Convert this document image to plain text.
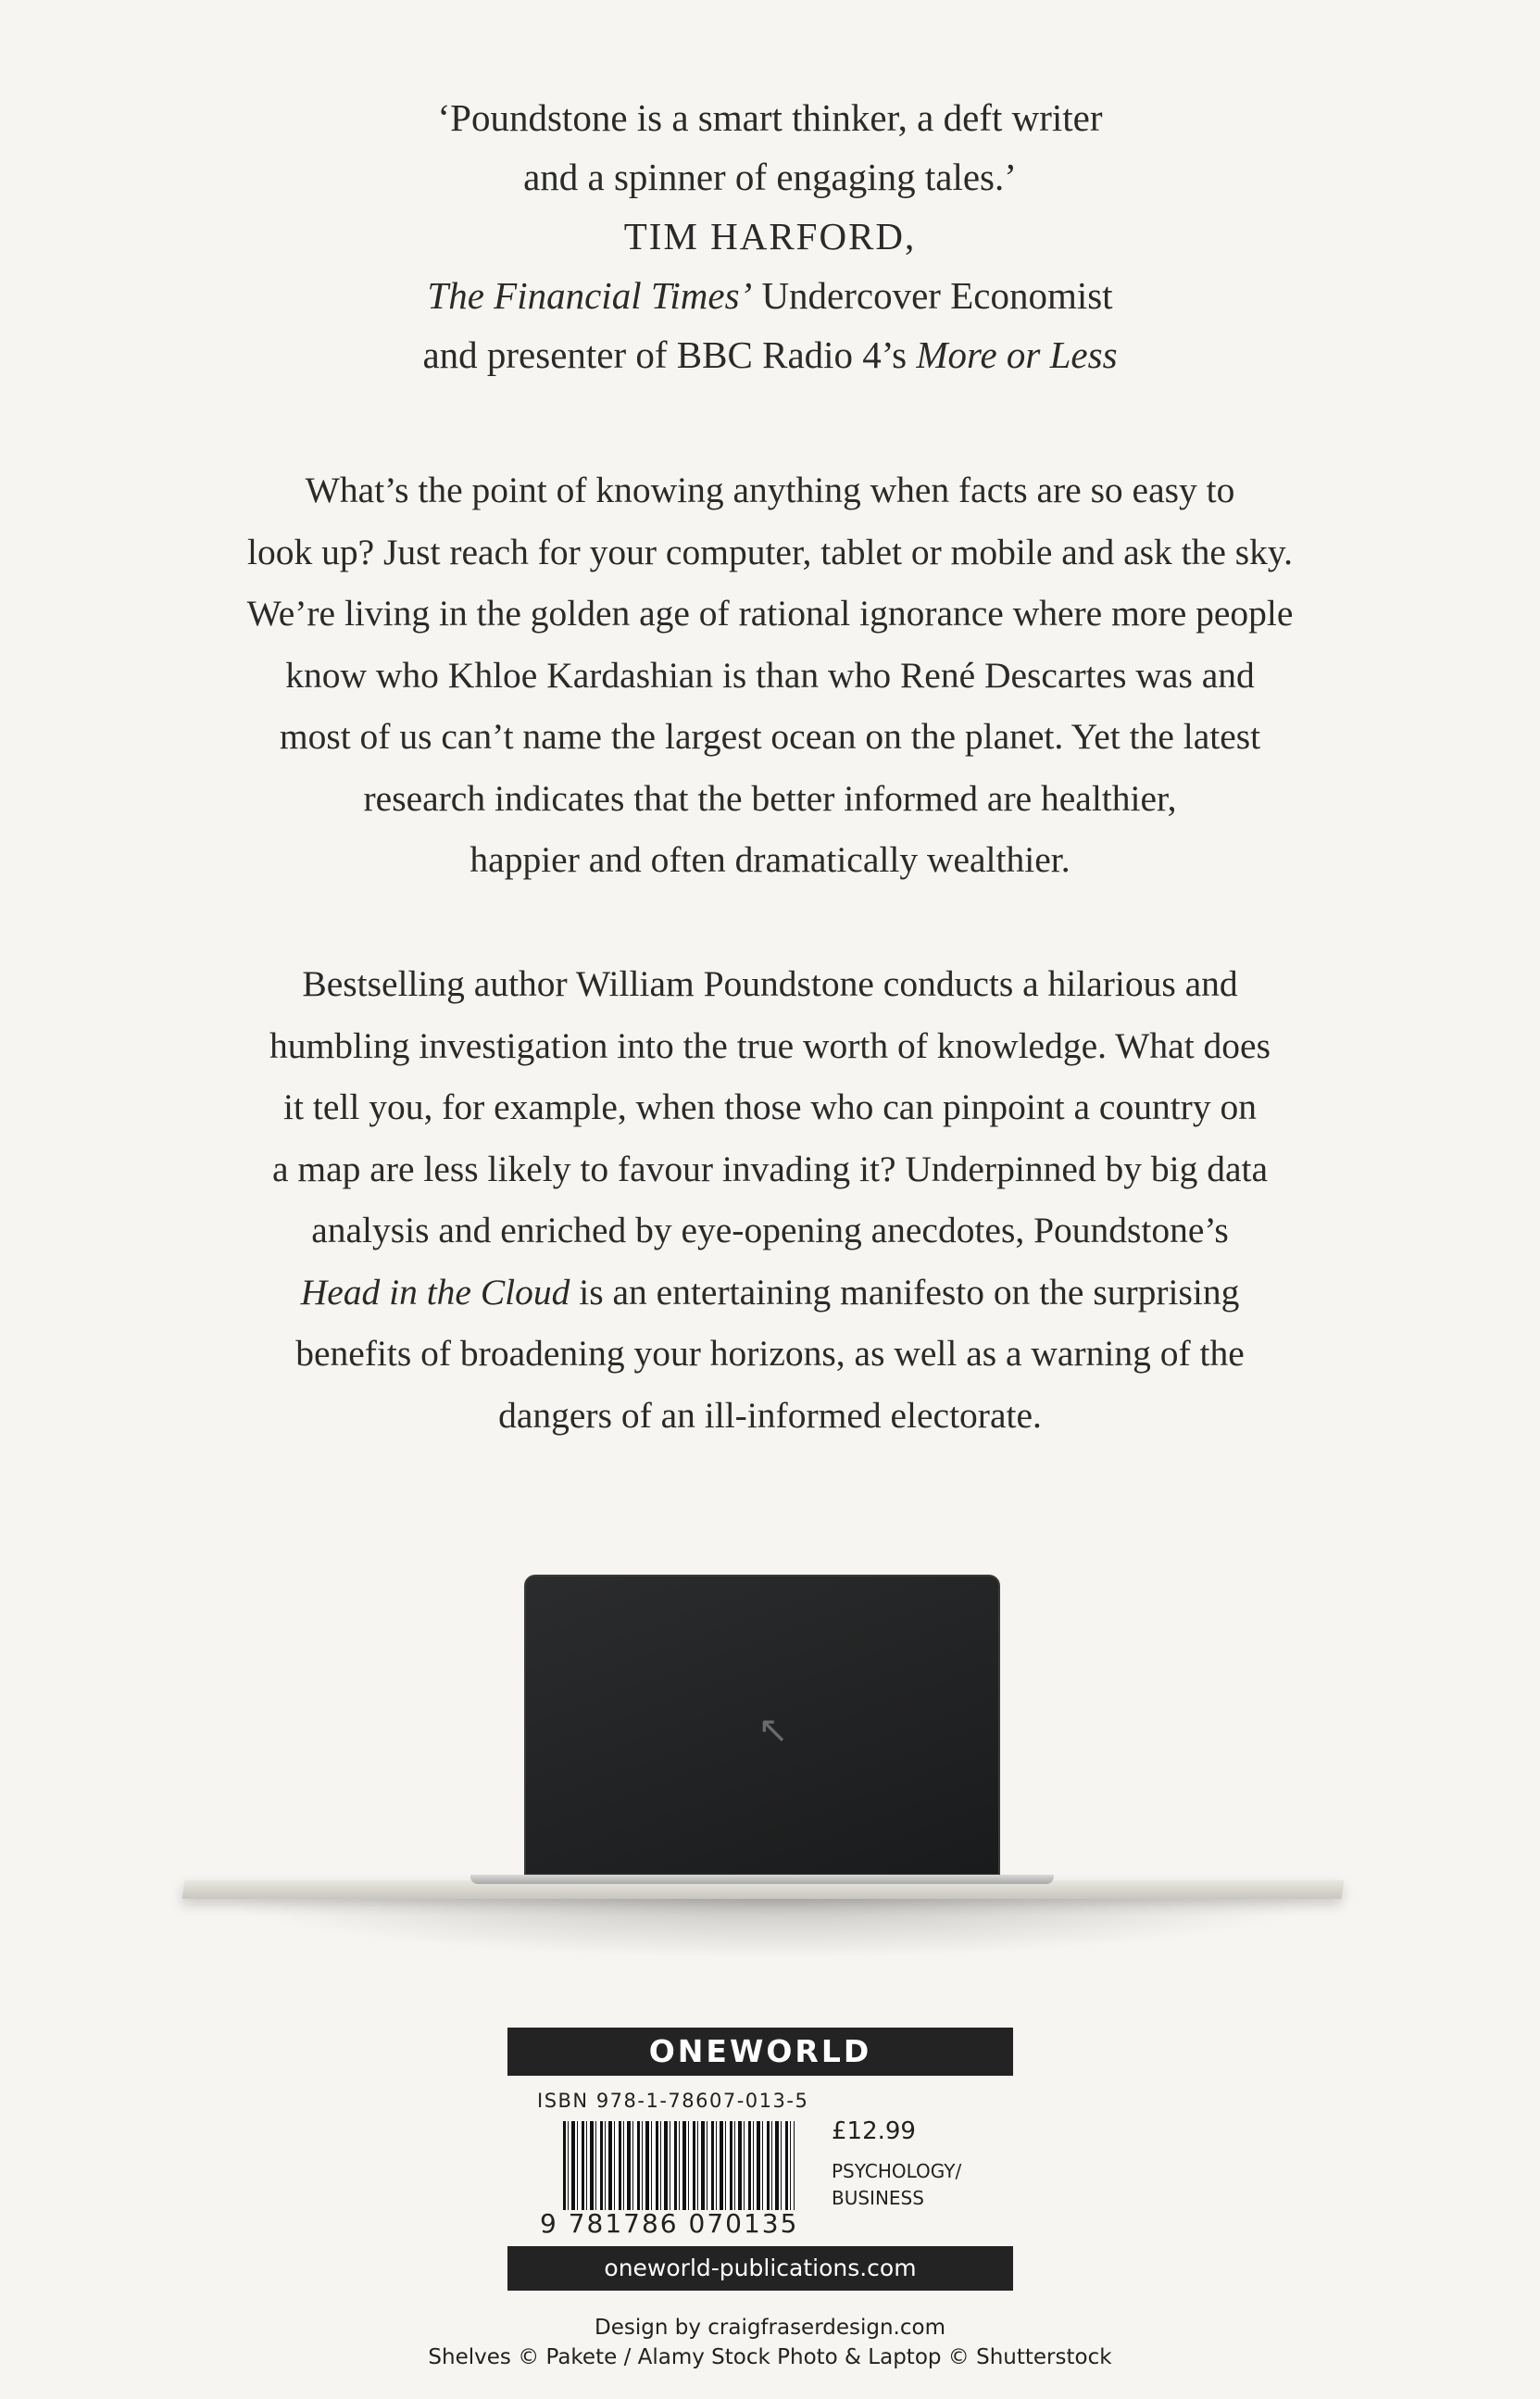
‘Poundstone is a smart thinker, a deft writer
and a spinner of engaging tales.’
TIM HARFORD,
The Financial Times’ Undercover Economist
and presenter of BBC Radio 4’s More or Less
What’s the point of knowing anything when facts are so easy to
look up? Just reach for your computer, tablet or mobile and ask the sky.
We’re living in the golden age of rational ignorance where more people
know who Khloe Kardashian is than who René Descartes was and
most of us can’t name the largest ocean on the planet. Yet the latest
research indicates that the better informed are healthier,
happier and often dramatically wealthier.
Bestselling author William Poundstone conducts a hilarious and
humbling investigation into the true worth of knowledge. What does
it tell you, for example, when those who can pinpoint a country on
a map are less likely to favour invading it? Underpinned by big data
analysis and enriched by eye-opening anecdotes, Poundstone’s
Head in the Cloud is an entertaining manifesto on the surprising
benefits of broadening your horizons, as well as a warning of the
dangers of an ill-informed electorate.
↖
ONEWORLD
ISBN 978-1-78607-013-5
9 781786 070135
£12.99
PSYCHOLOGY/
BUSINESS
oneworld-publications.com
Design by craigfraserdesign.com
Shelves © Pakete / Alamy Stock Photo & Laptop © Shutterstock
